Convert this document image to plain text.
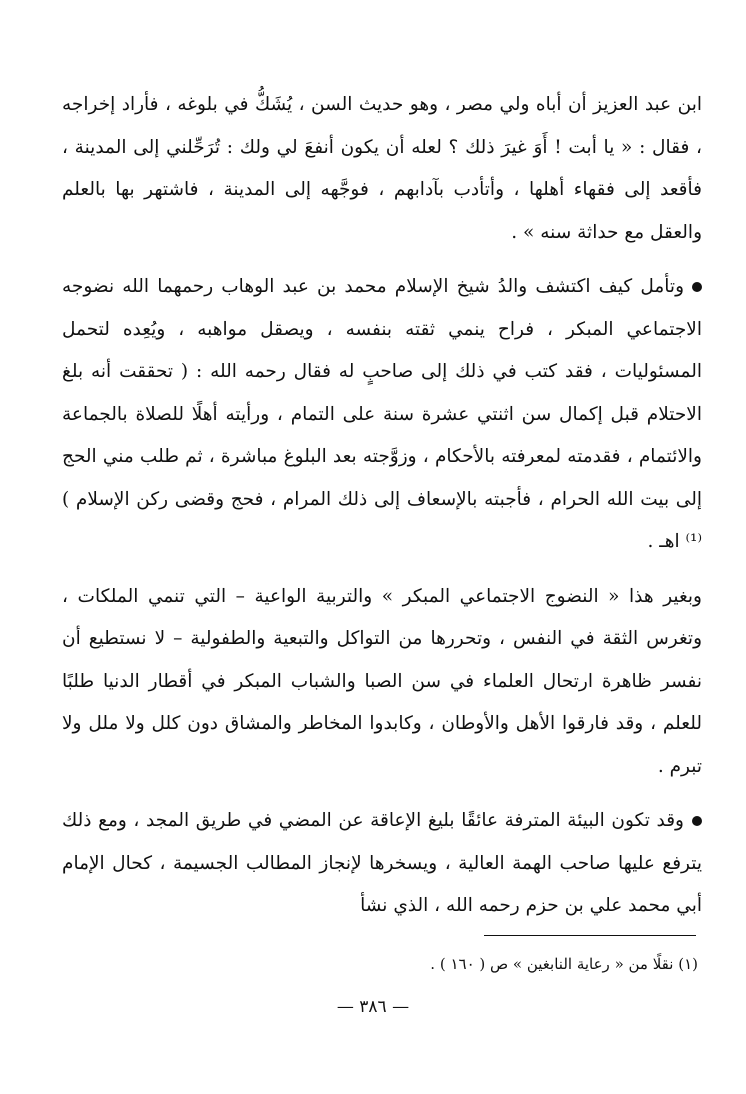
ابن عبد العزيز أن أباه ولي مصر ، وهو حديث السن ، يُشَكُّ في بلوغه ، فأراد إخراجه ، فقال : « يا أبت ! أَوَ غيرَ ذلك ؟ لعله أن يكون أنفعَ لي ولك : تُرَحِّلني إلى المدينة ، فأقعد إلى فقهاء أهلها ، وأتأدب بآدابهم ، فوجَّهه إلى المدينة ، فاشتهر بها بالعلم والعقل مع حداثة سنه » .

وتأمل كيف اكتشف والدُ شيخ الإسلام محمد بن عبد الوهاب رحمهما الله نضوجه الاجتماعي المبكر ، فراح ينمي ثقته بنفسه ، ويصقل مواهبه ، ويُعِده لتحمل المسئوليات ، فقد كتب في ذلك إلى صاحبٍ له فقال رحمه الله : ( تحققت أنه بلغ الاحتلام قبل إكمال سن اثنتي عشرة سنة على التمام ، ورأيته أهلًا للصلاة بالجماعة والائتمام ، فقدمته لمعرفته بالأحكام ، وزوَّجته بعد البلوغ مباشرة ، ثم طلب مني الحج إلى بيت الله الحرام ، فأجبته بالإسعاف إلى ذلك المرام ، فحج وقضى ركن الإسلام )⁽¹⁾ اهـ .

وبغير هذا « النضوج الاجتماعي المبكر » والتربية الواعية – التي تنمي الملكات ، وتغرس الثقة في النفس ، وتحررها من التواكل والتبعية والطفولية – لا نستطيع أن نفسر ظاهرة ارتحال العلماء في سن الصبا والشباب المبكر في أقطار الدنيا طلبًا للعلم ، وقد فارقوا الأهل والأوطان ، وكابدوا المخاطر والمشاق دون كلل ولا ملل ولا تبرم .

وقد تكون البيئة المترفة عائقًا بليغ الإعاقة عن المضي في طريق المجد ، ومع ذلك يترفع عليها صاحب الهمة العالية ، ويسخرها لإنجاز المطالب الجسيمة ، كحال الإمام أبي محمد علي بن حزم رحمه الله ، الذي نشأ

(١) نقلًا من « رعاية النابغين » ص ( ١٦٠ ) .
— ٣٨٦ —
